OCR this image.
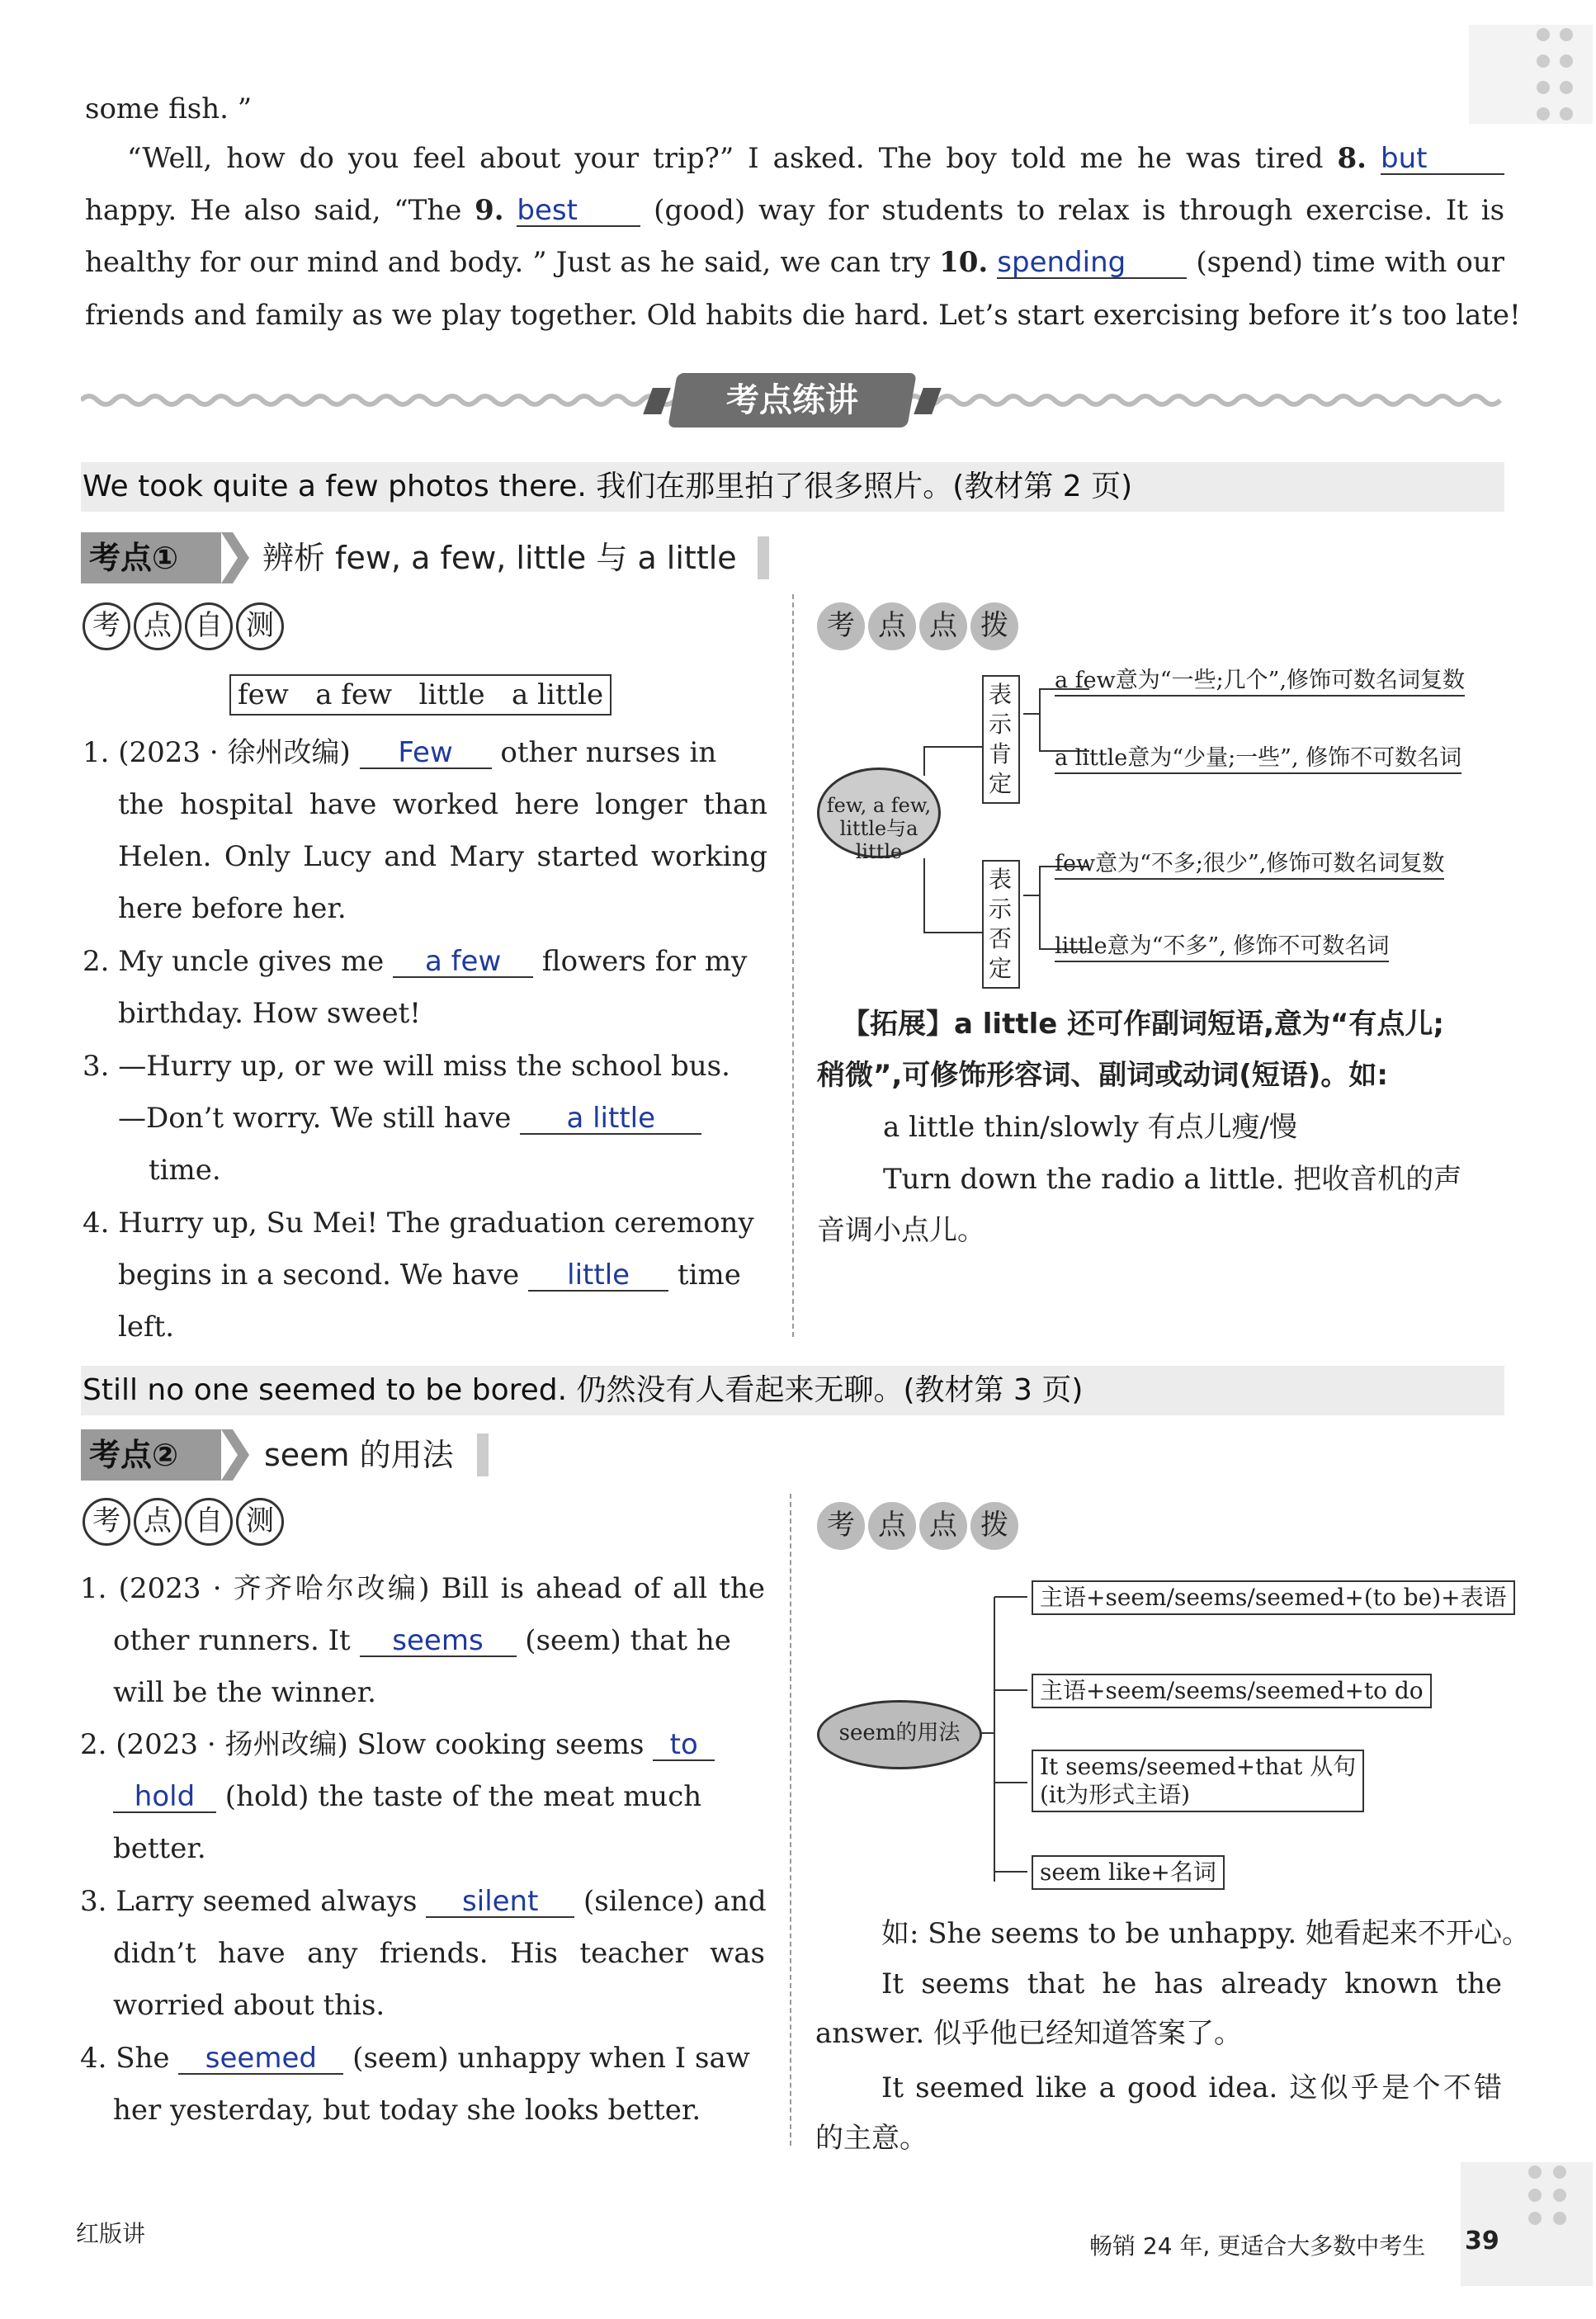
some fish. ”
“Well, how do you feel about your trip?” I asked. The boy told me he was tired 8. but
happy. He also said, “The 9. best (good) way for students to relax is through exercise. It is
healthy for our mind and body. ” Just as he said, we can try 10. spending (spend) time with our
friends and family as we play together. Old habits die hard. Let’s start exercising before it’s too late!
考点练讲
We took quite a few photos there. 我们在那里拍了很多照片。(教材第 2 页)
考点①	辨析 few, a few, little 与 a little
考 点 自 测
few   a few   little   a little
1. (2023 · 徐州改编) Few other nurses in
the hospital have worked here longer than
Helen. Only Lucy and Mary started working
here before her.
2. My uncle gives me a few flowers for my
birthday. How sweet!
3. —Hurry up, or we will miss the school bus.
—Don’t worry. We still have a little
time.
4. Hurry up, Su Mei! The graduation ceremony
begins in a second. We have little time
left.
考 点 点 拨
few, a few, little与a little
表示肯定
表示否定
a few意为“一些;几个”,修饰可数名词复数
a little意为“少量;一些”, 修饰不可数名词
few意为“不多;很少”,修饰可数名词复数
little意为“不多”, 修饰不可数名词
【拓展】a little 还可作副词短语,意为“有点儿;
稍微”,可修饰形容词、副词或动词(短语)。如:
a little thin/slowly 有点儿瘦/慢
Turn down the radio a little. 把收音机的声
音调小点儿。
Still no one seemed to be bored. 仍然没有人看起来无聊。(教材第 3 页)
考点②	seem 的用法
考 点 自 测
1. (2023 · 齐齐哈尔改编) Bill is ahead of all the
other runners. It seems (seem) that he
will be the winner.
2. (2023 · 扬州改编) Slow cooking seems to
hold (hold) the taste of the meat much
better.
3. Larry seemed always silent (silence) and
didn’t have any friends. His teacher was
worried about this.
4. She seemed (seem) unhappy when I saw
her yesterday, but today she looks better.
考 点 点 拨
seem的用法
主语+seem/seems/seemed+(to be)+表语
主语+seem/seems/seemed+to do
It seems/seemed+that 从句
(it为形式主语)
seem like+名词
如: She seems to be unhappy. 她看起来不开心。
It seems that he has already known the
answer. 似乎他已经知道答案了。
It seemed like a good idea. 这似乎是个不错
的主意。
红版讲	畅销 24 年, 更适合大多数中考生 39
